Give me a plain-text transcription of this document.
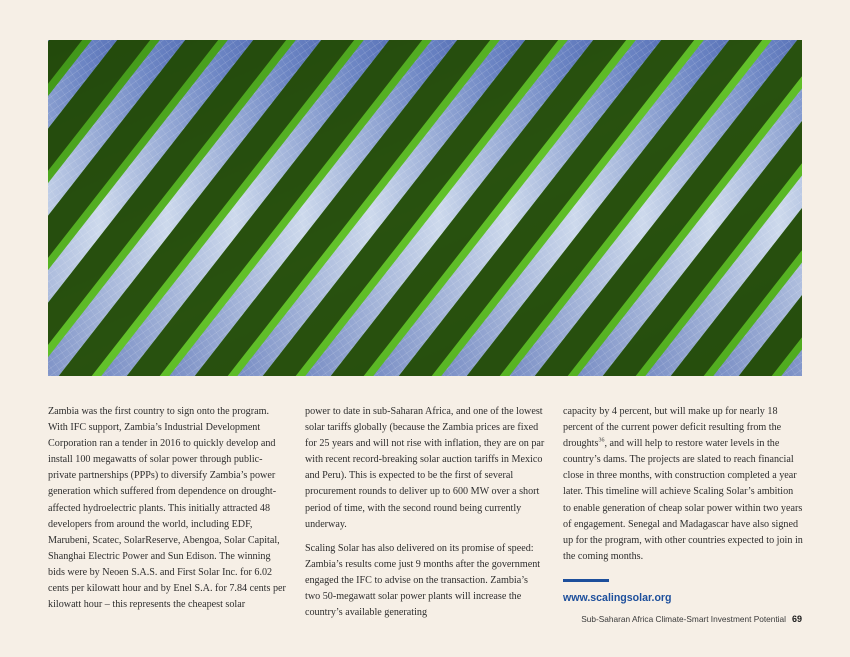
Zambia was the first country to sign onto the program. With IFC support, Zambia’s Industrial Development Corporation ran a tender in 2016 to quickly develop and install 100 megawatts of solar power through public-private partnerships (PPPs) to diversify Zambia’s power generation which suffered from dependence on drought-affected hydroelectric plants. This initially attracted 48 developers from around the world, including EDF, Marubeni, Scatec, SolarReserve, Abengoa, Solar Capital, Shanghai Electric Power and Sun Edison. The winning bids were by Neoen S.A.S. and First Solar Inc. for 6.02 cents per kilowatt hour and by Enel S.A. for 7.84 cents per kilowatt hour – this represents the cheapest solar

power to date in sub-Saharan Africa, and one of the lowest solar tariffs globally (because the Zambia prices are fixed for 25 years and will not rise with inflation, they are on par with recent record-breaking solar auction tariffs in Mexico and Peru). This is expected to be the first of several procurement rounds to deliver up to 600 MW over a short period of time, with the second round being currently underway.

Scaling Solar has also delivered on its promise of speed: Zambia’s results come just 9 months after the government engaged the IFC to advise on the transaction. Zambia’s two 50-megawatt solar power plants will increase the country’s available generating

capacity by 4 percent, but will make up for nearly 18 percent of the current power deficit resulting from the droughts$^{36}$, and will help to restore water levels in the country’s dams. The projects are slated to reach financial close in three months, with construction completed a year later. This timeline will achieve Scaling Solar’s ambition to enable generation of cheap solar power within two years of engagement. Senegal and Madagascar have also signed up for the program, with other countries expected to join in the coming months.

www.scalingsolar.org
Sub-Saharan Africa Climate-Smart Investment Potential 69
